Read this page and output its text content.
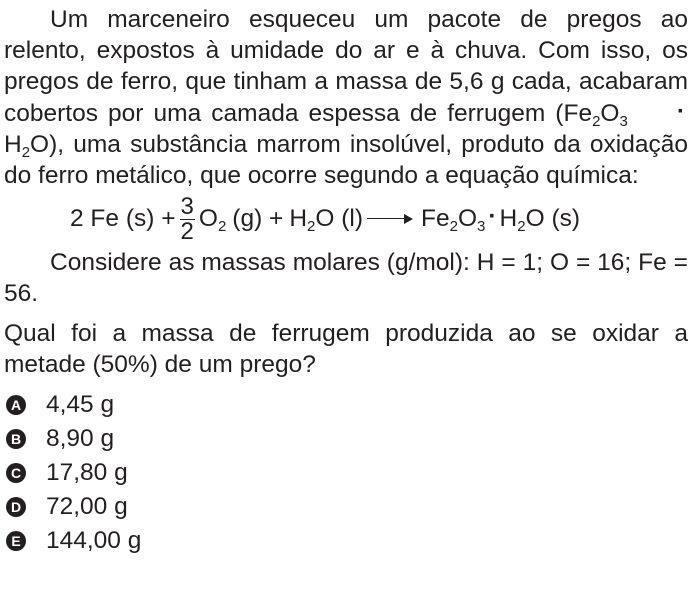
Um marceneiro esqueceu um pacote de pregos ao relento, expostos à umidade do ar e à chuva. Com isso, os pregos de ferro, que tinham a massa de 5,6 g cada, acabaram cobertos por uma camada espessa de ferrugem $(Fe_2O_3 \cdot H_2O)$, uma substância marrom insolúvel, produto da oxidação do ferro metálico, que ocorre segundo a equação química:

2 Fe $(s) + \frac{3}{2} O_2$ $(g) + H_2O$ (l) $Fe_2O_3 \cdot H_2O$ (s)

Considere as massas molares (g/mol): H = 1; O = 16; Fe = 56.

Qual foi a massa de ferrugem produzida ao se oxidar a metade (50%) de um prego?

A 4,45 g
B 8,90 g
C 17,80 g
D 72,00 g
E 144,00 g
